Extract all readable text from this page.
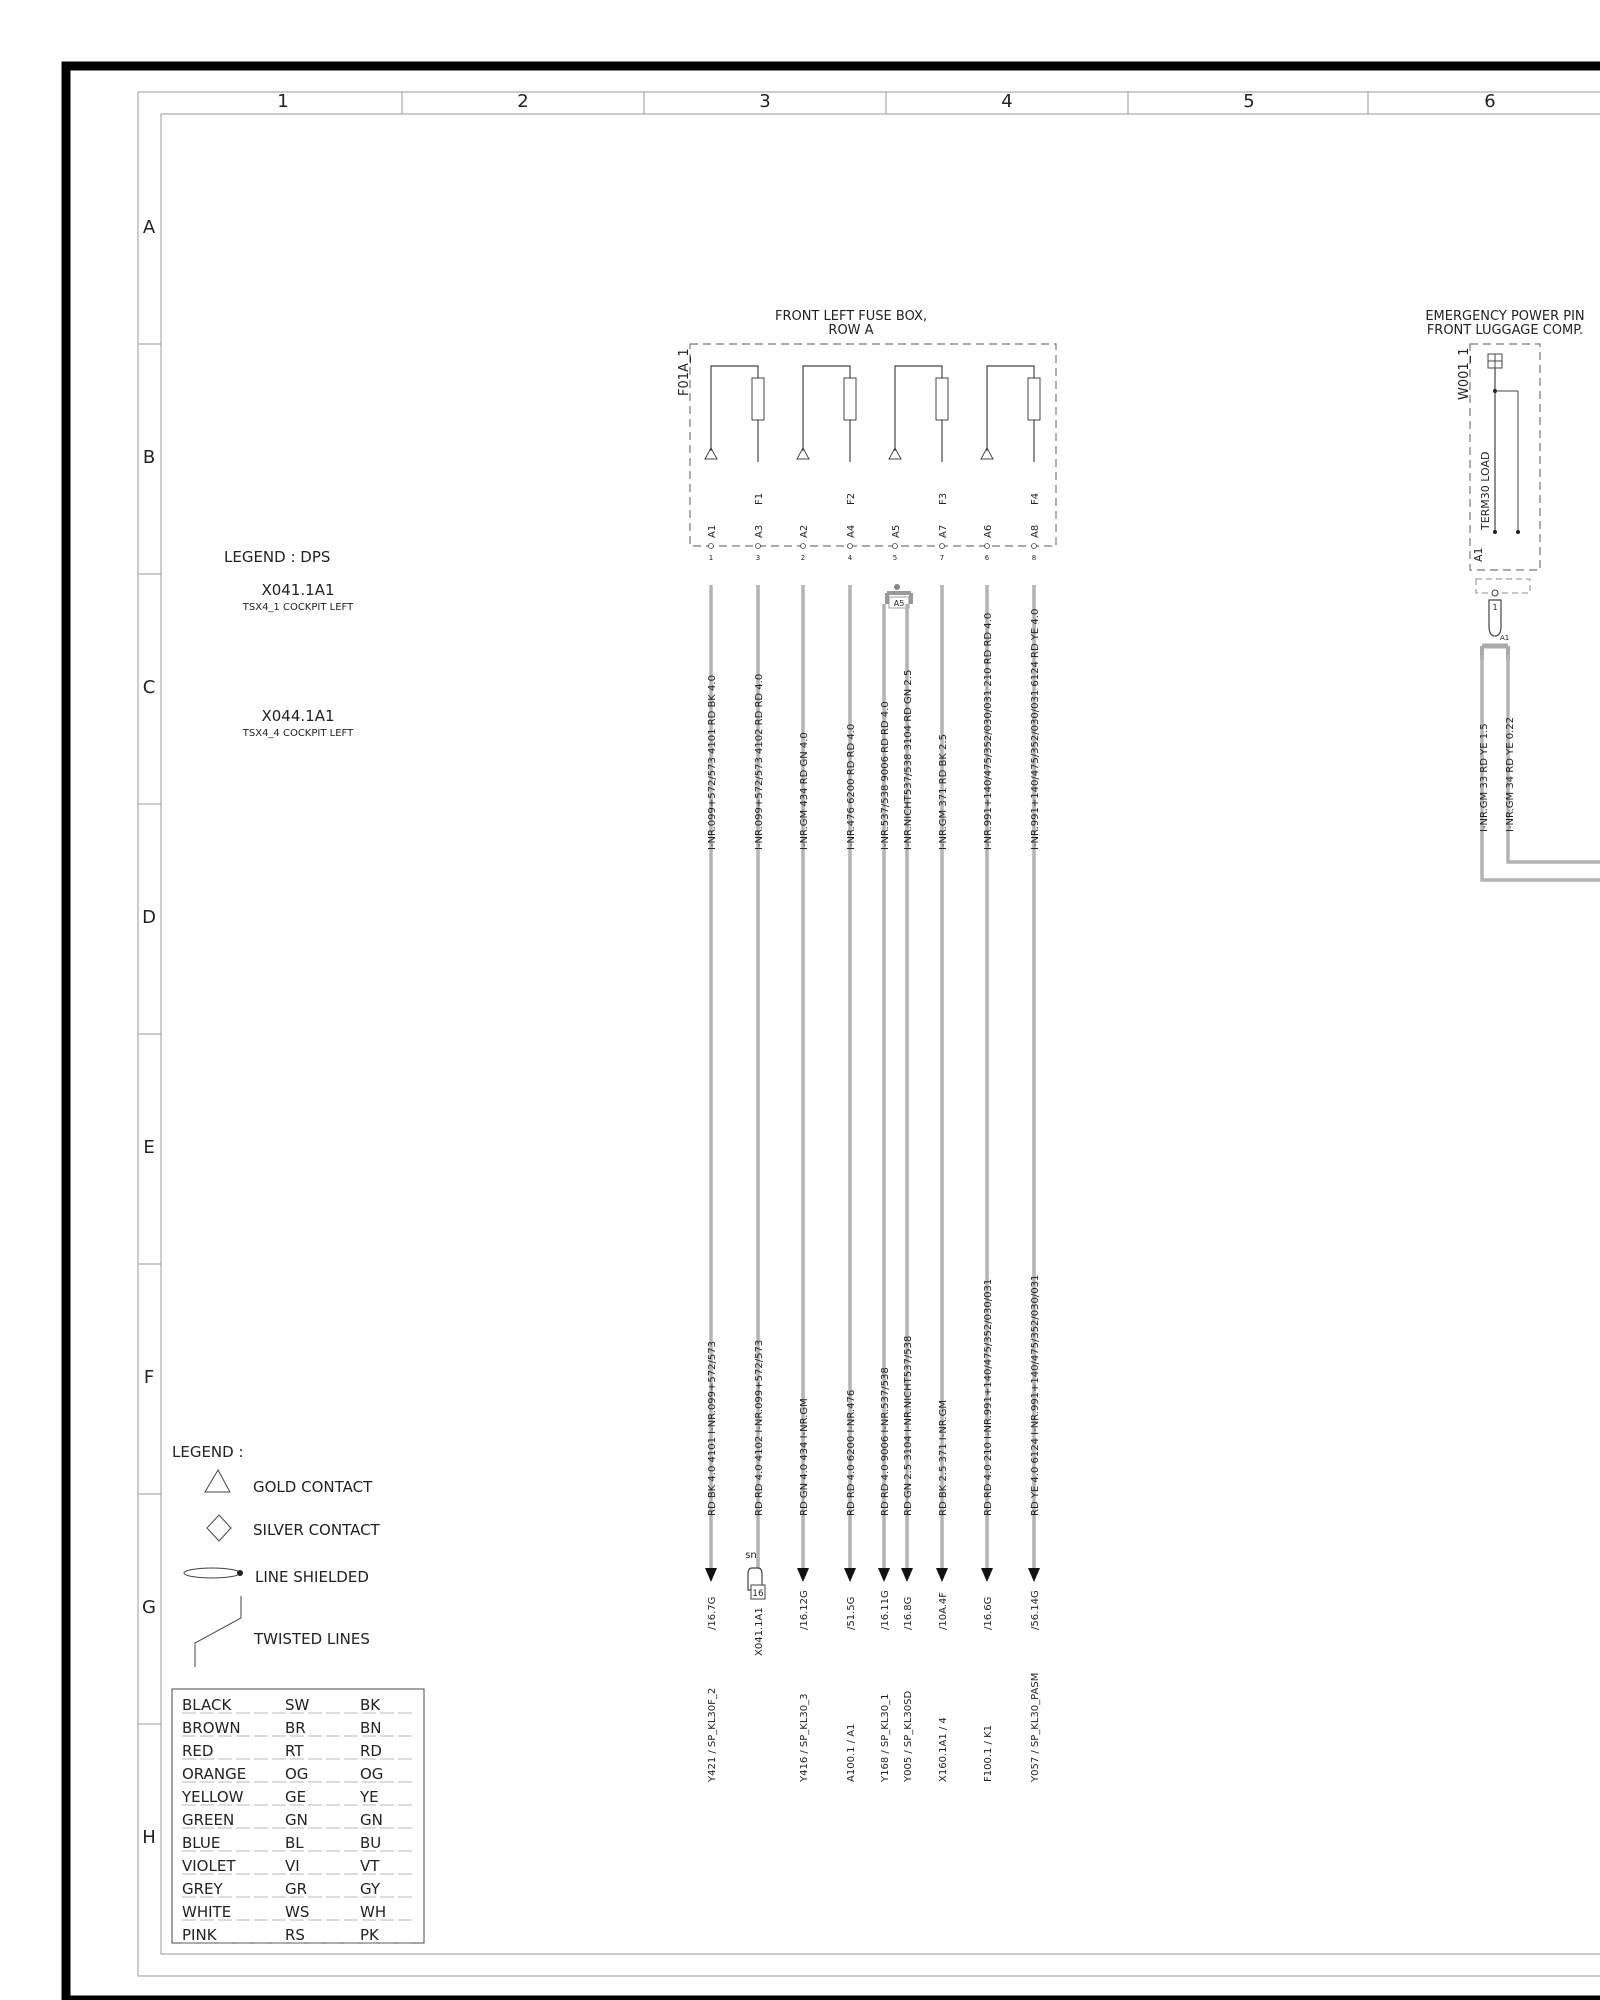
1	2	3	4	5	6
A
B
C
D
E
F
G
H
FRONT LEFT FUSE BOX,
ROW A
F01A_1
F1	F2	F3	F4
A1
1
A3
3
A2
2
A4
4
A5
5
A7
7
A6
6
A8
8
A5
I-NR.099+572/573 4101 RD BK 4.0
RD BK 4.0 4101 I-NR.099+572/573
/16.7G
Y421 / SP_KL30F_2
I-NR.099+572/573 4102 RD RD 4.0
RD RD 4.0 4102 I-NR.099+572/573
X041.1A1
I-NR.GM 434 RD GN 4.0
RD GN 4.0 434 I-NR.GM
/16.12G
Y416 / SP_KL30_3
I-NR.476 6200 RD RD 4.0
RD RD 4.0 6200 I-NR.476
/51.5G
A100.1 / A1
I-NR.537/538 9006 RD RD 4.0
RD RD 4.0 9006 I-NR.537/538
/16.11G
Y168 / SP_KL30_1
I-NR.NICHT537/538 3104 RD GN 2.5
RD GN 2.5 3104 I-NR.NICHT537/538
/16.8G
Y005 / SP_KL30SD
I-NR.GM 371 RD BK 2.5
RD BK 2.5 371 I-NR.GM
/10A.4F
X160.1A1 / 4
I-NR.991+140/475/352/030/031 210 RD RD 4.0
RD RD 4.0 210 I-NR.991+140/475/352/030/031
/16.6G
F100.1 / K1
I-NR.991+140/475/352/030/031 6124 RD YE 4.0
RD YE 4.0 6124 I-NR.991+140/475/352/030/031
/56.14G
Y057 / SP_KL30_PASM
sn
16
EMERGENCY POWER PIN
FRONT LUGGAGE COMP.
W001_1
TERM30 LOAD
A1
1
A1
I-NR.GM 33 RD YE 1.5 I-NR.GM 34 RD YE 0.22
LEGEND : DPS
X041.1A1
TSX4_1 COCKPIT LEFT
X044.1A1
TSX4_4 COCKPIT LEFT
LEGEND :
GOLD CONTACT
SILVER CONTACT
LINE SHIELDED
TWISTED LINES
BLACK	SW	BK
BROWN	BR	BN
RED	RT	RD
ORANGE	OG	OG
YELLOW	GE	YE
GREEN	GN	GN
BLUE	BL	BU
VIOLET	VI	VT
GREY	GR	GY
WHITE	WS	WH
PINK	RS	PK
